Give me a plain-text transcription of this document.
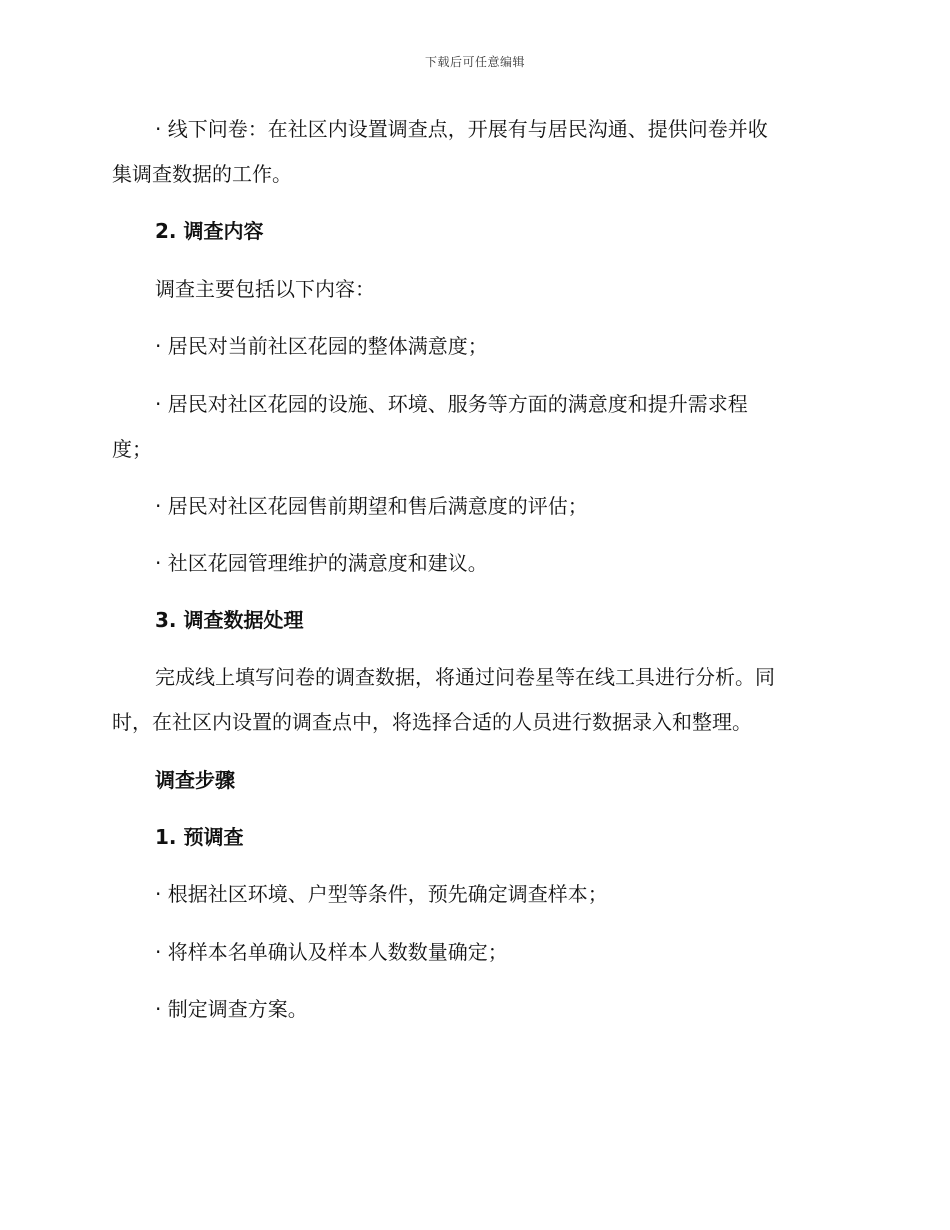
下载后可任意编辑
· 线下问卷：在社区内设置调查点，开展有与居民沟通、提供问卷并收
集调查数据的工作。
2. 调查内容
调查主要包括以下内容：
· 居民对当前社区花园的整体满意度；
· 居民对社区花园的设施、环境、服务等方面的满意度和提升需求程
度；
· 居民对社区花园售前期望和售后满意度的评估；
· 社区花园管理维护的满意度和建议。
3. 调查数据处理
完成线上填写问卷的调查数据，将通过问卷星等在线工具进行分析。同
时，在社区内设置的调查点中，将选择合适的人员进行数据录入和整理。
调查步骤
1. 预调查
· 根据社区环境、户型等条件，预先确定调查样本；
· 将样本名单确认及样本人数数量确定；
· 制定调查方案。
